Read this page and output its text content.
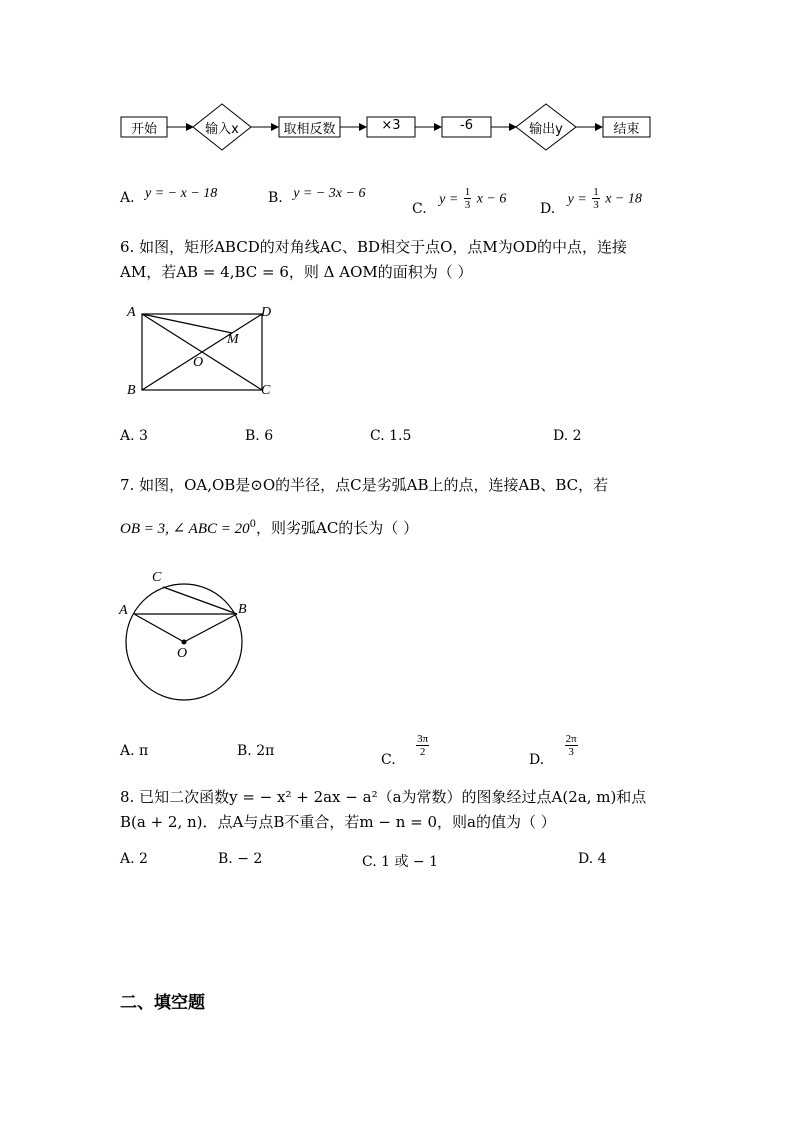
开始	输入x	取相反数	×3	-6	输出y	结束
A. y = − x − 18	B. y = − 3x − 6
C. $y = \frac{1}{3}$ x − 6
D. $y = \frac{1}{3}$ x − 18
6. 如图，矩形ABCD的对角线AC、BD相交于点O，点M为OD的中点，连接
AM，若AB = 4,BC = 6，则 Δ AOM的面积为（ ）
A	D
M
O
B	C
A. 3	B. 6	C. 1.5	D. 2
7. 如图，OA,OB是⊙O的半径，点C是劣弧AB上的点，连接AB、BC，若
OB = 3, ∠ ABC = $20^0$，则劣弧AC的长为（ ）
C
A	B
O
A. π	B. 2π
C.
$\frac{3\pi}{2}$
D.
$\frac{2\pi}{3}$
8. 已知二次函数y = − x² + 2ax − a²（a为常数）的图象经过点A(2a, m)和点
B(a + 2, n)．点A与点B不重合，若m − n = 0，则a的值为（ ）
A. 2	B. − 2	C. 1 或 − 1	D. 4
二、填空题
